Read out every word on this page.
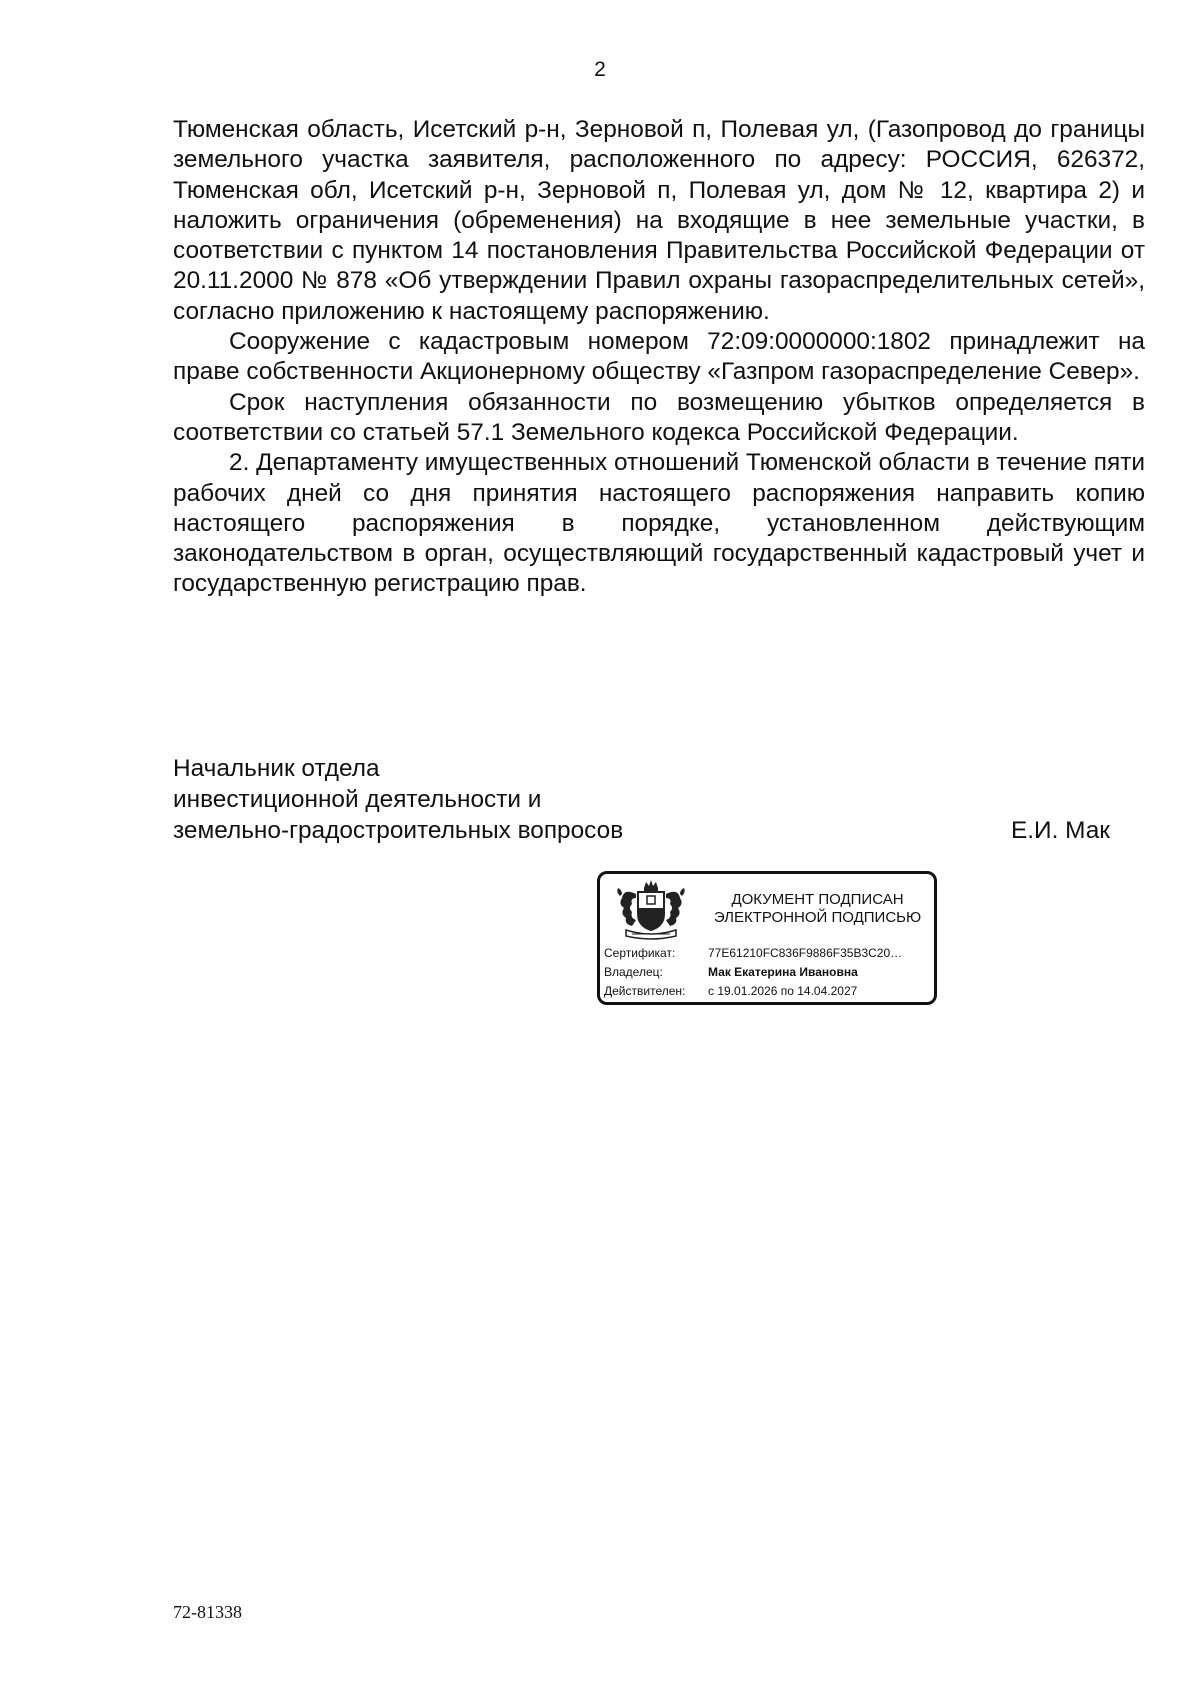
2

Тюменская область, Исетский р-н, Зерновой п, Полевая ул, (Газопровод до границы земельного участка заявителя, расположенного по адресу: РОССИЯ, 626372, Тюменская обл, Исетский р-н, Зерновой п, Полевая ул, дом № 12, квартира 2) и наложить ограничения (обременения) на входящие в нее земельные участки, в соответствии с пунктом 14 постановления Правительства Российской Федерации от 20.11.2000 № 878 «Об утверждении Правил охраны газораспределительных сетей», согласно приложению к настоящему распоряжению.

Сооружение с кадастровым номером 72:09:0000000:1802 принадлежит на праве собственности Акционерному обществу «Газпром газораспределение Север».

Срок наступления обязанности по возмещению убытков определяется в соответствии со статьей 57.1 Земельного кодекса Российской Федерации.

2. Департаменту имущественных отношений Тюменской области в течение пяти рабочих дней со дня принятия настоящего распоряжения направить копию настоящего распоряжения в порядке, установленном действующим законодательством в орган, осуществляющий государственный кадастровый учет и государственную регистрацию прав.

Начальник отдела
инвестиционной деятельности и
земельно-градостроительных вопросов	Е.И. Мак
ДОКУМЕНТ ПОДПИСАН
ЭЛЕКТРОННОЙ ПОДПИСЬЮ
Сертификат:	77E61210FC836F9886F35B3C20…
Владелец:	Мак Екатерина Ивановна
Действителен: с 19.01.2026 по 14.04.2027
72-81338
